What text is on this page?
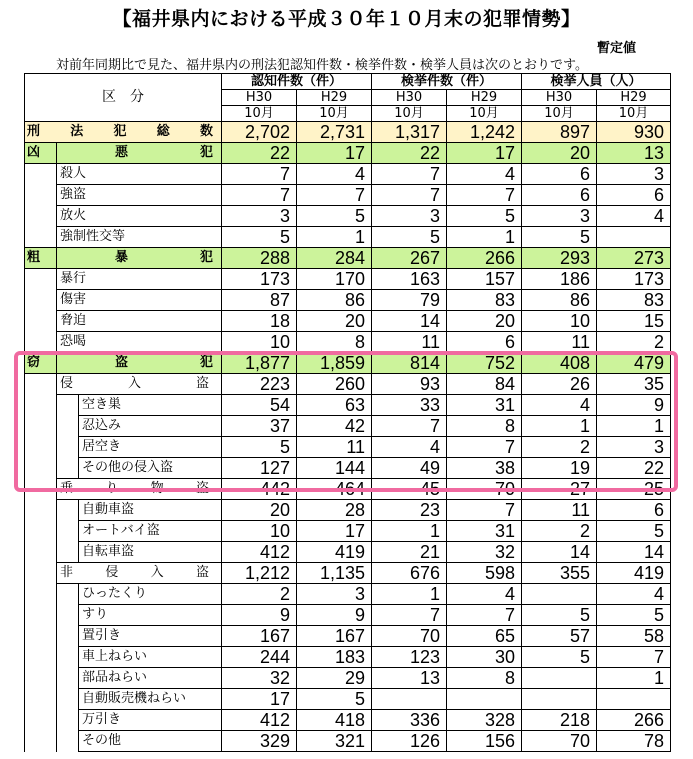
【福井県内における平成３０年１０月末の犯罪情勢】
暫定値
対前年同期比で見た、福井県内の刑法犯認知件数・検挙件数・検挙人員は次のとおりです。
区　分			認知件数（件）		検挙件数（件）		検挙人員（人）	
			H30	H29	H30	H29	H30	H29
			10月	10月	10月	10月	10月	10月

刑 法 犯 総 数			2,702	2,731	1,317	1,242	897	930
凶	悪 犯		22	17	22	17	20	13
	殺人		7	4	7	4	6	3
	強盗		7	7	7	7	6	6
	放火		3	5	3	5	3	4
	強制性交等		5	1	5	1	5	
粗	暴 犯		288	284	267	266	293	273
	暴行		173	170	163	157	186	173
	傷害		87	86	79	83	86	83
	脅迫		18	20	14	20	10	15
	恐喝		10	8	11	6	11	2
窃	盗 犯		1,877	1,859	814	752	408	479

	侵 入 盗		223	260	93	84	26	35
		空き巣	54	63	33	31	4	9
		忍込み	37	42	7	8	1	1
		居空き	5	11	4	7	2	3
		その他の侵入盗	127	144	49	38	19	22

	乗 り 物 盗		442	464	45	70	27	25
		自動車盗	20	28	23	7	11	6
		オートバイ盗	10	17	1	31	2	5
		自転車盗	412	419	21	32	14	14

	非 侵 入 盗		1,212	1,135	676	598	355	419
		ひったくり	2	3	1	4		4
		すり	9	9	7	7	5	5
		置引き	167	167	70	65	57	58
		車上ねらい	244	183	123	30	5	7
		部品ねらい	32	29	13	8		1
		自動販売機ねらい	17	5				
		万引き	412	418	336	328	218	266
		その他	329	321	126	156	70	78
